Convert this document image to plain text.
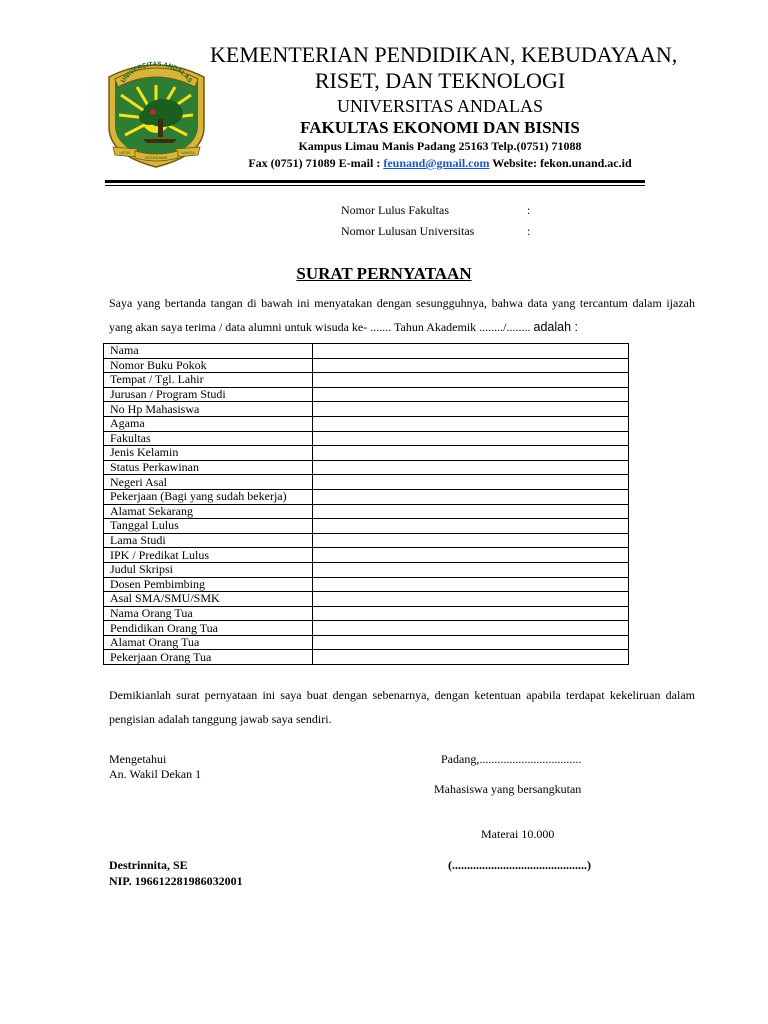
UNIVERSITAS ANDALAS
UNTUK
KEDJADJAAN
BANGSA
KEMENTERIAN PENDIDIKAN, KEBUDAYAAN,
RISET, DAN TEKNOLOGI
UNIVERSITAS ANDALAS
FAKULTAS EKONOMI DAN BISNIS
Kampus Limau Manis Padang 25163 Telp.(0751) 71088
Fax (0751) 71089 E-mail : feunand@gmail.com Website: fekon.unand.ac.id
Nomor Lulus Fakultas	:
Nomor Lulusan Universitas	:
SURAT PERNYATAAN
Saya yang bertanda tangan di bawah ini menyatakan dengan sesungguhnya, bahwa data yang tercantum dalam ijazah yang akan saya terima / data alumni untuk wisuda ke- ....... Tahun Akademik ......../........ adalah :
Nama	
Nomor Buku Pokok	
Tempat / Tgl. Lahir	
Jurusan / Program Studi	
No Hp Mahasiswa	
Agama	
Fakultas	
Jenis Kelamin	
Status Perkawinan	
Negeri Asal	
Pekerjaan (Bagi yang sudah bekerja)	
Alamat Sekarang	
Tanggal Lulus	
Lama Studi	
IPK / Predikat Lulus	
Judul Skripsi	
Dosen Pembimbing	
Asal SMA/SMU/SMK	
Nama Orang Tua	
Pendidikan Orang Tua	
Alamat Orang Tua	
Pekerjaan Orang Tua	
Demikianlah surat pernyataan ini saya buat dengan sebenarnya, dengan ketentuan apabila terdapat kekeliruan dalam pengisian adalah tanggung jawab saya sendiri.
Mengetahui
An. Wakil Dekan 1
Padang,..................................
Mahasiswa yang bersangkutan
Materai 10.000
Destrinnita, SE
NIP. 196612281986032001
(.............................................)
